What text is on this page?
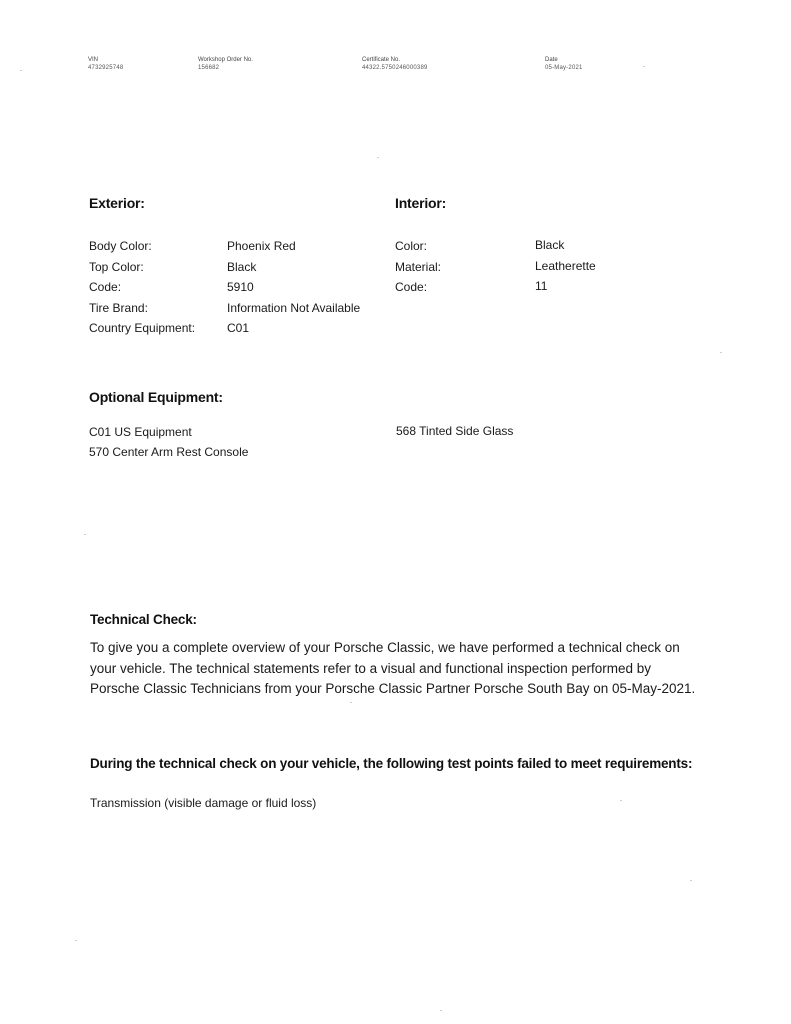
VIN
4732925748
Workshop Order No.
156682
Certificate No.
44322.5750246000389
Date
05-May-2021
Exterior:
Body Color:	Phoenix Red
Top Color:	Black
Code:	5910
Tire Brand:	Information Not Available
Country Equipment:	C01
Interior:
Color:	Black
Material:	Leatherette
Code:	11
Optional Equipment:
C01 US Equipment
570 Center Arm Rest Console
568 Tinted Side Glass
Technical Check:
To give you a complete overview of your Porsche Classic, we have performed a technical check on your vehicle. The technical statements refer to a visual and functional inspection performed by Porsche Classic Technicians from your Porsche Classic Partner Porsche South Bay on 05-May-2021.
During the technical check on your vehicle, the following test points failed to meet requirements:
Transmission (visible damage or fluid loss)
